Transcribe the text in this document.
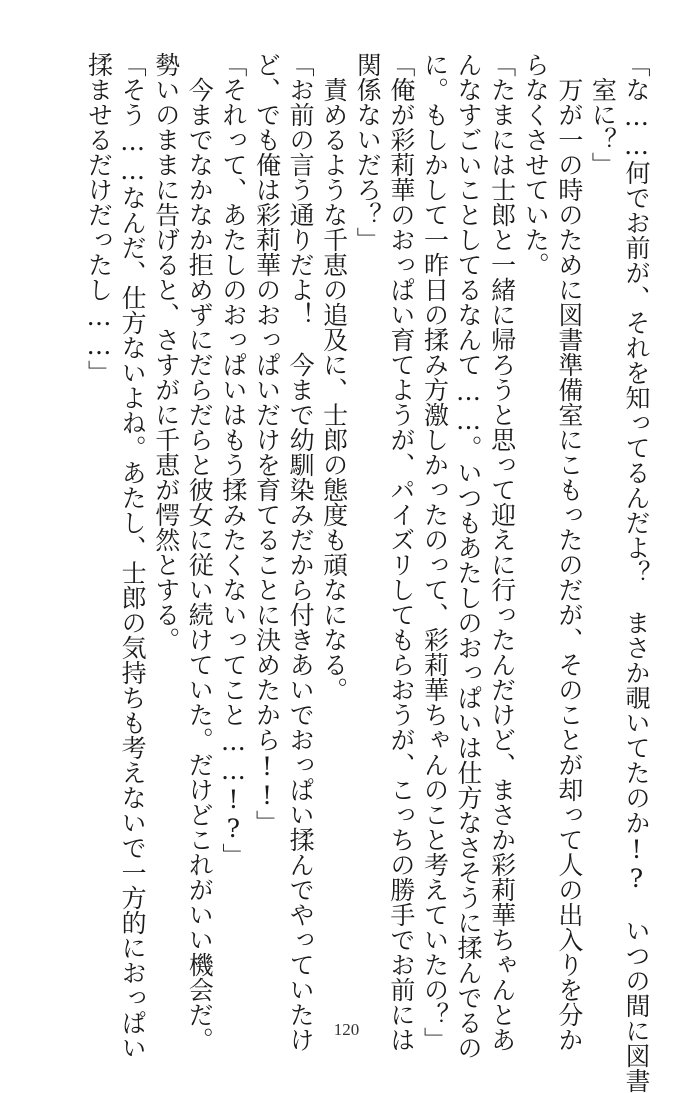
「な……何でお前が、それを知ってるんだよ？　まさか覗いてたのか!?　いつの間に図書
　室に？」
　万が一の時のために図書準備室にこもったのだが、そのことが却って人の出入りを分か
らなくさせていた。
「たまには士郎と一緒に帰ろうと思って迎えに行ったんだけど、まさか彩莉華ちゃんとあ
んなすごいことしてるなんて……。いつもあたしのおっぱいは仕方なさそうに揉んでるの
に。もしかして一昨日の揉み方激しかったのって、彩莉華ちゃんのこと考えていたの？」
「俺が彩莉華のおっぱい育てようが、パイズリしてもらおうが、こっちの勝手でお前には
関係ないだろ？」
　責めるような千恵の追及に、士郎の態度も頑なになる。
「お前の言う通りだよ！　今まで幼馴染みだから付きあいでおっぱい揉んでやっていたけ
ど、でも俺は彩莉華のおっぱいだけを育てることに決めたから!!」
「それって、あたしのおっぱいはもう揉みたくないってこと……!?」
　今までなかなか拒めずにだらだらと彼女に従い続けていた。だけどこれがいい機会だ。
勢いのままに告げると、さすがに千恵が愕然とする。
「そう……なんだ、仕方ないよね。あたし、士郎の気持ちも考えないで一方的におっぱい
揉ませるだけだったし……」
120
